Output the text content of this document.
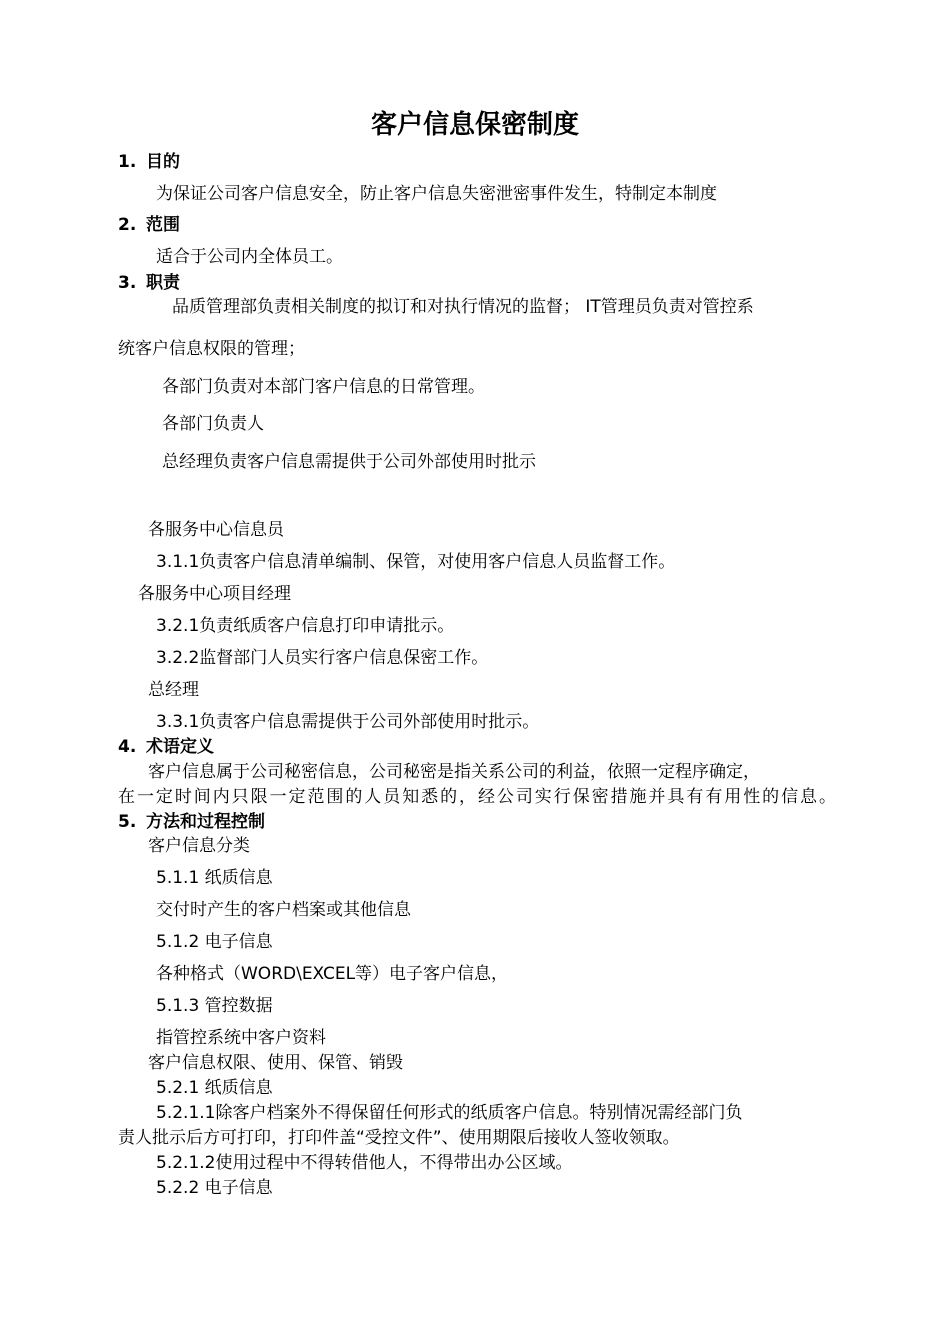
客户信息保密制度
1. 目的
为保证公司客户信息安全，防止客户信息失密泄密事件发生，特制定本制度
2. 范围
适合于公司内全体员工。
3. 职责
品质管理部负责相关制度的拟订和对执行情况的监督； IT管理员负责对管控系
统客户信息权限的管理；
各部门负责对本部门客户信息的日常管理。
各部门负责人
总经理负责客户信息需提供于公司外部使用时批示
各服务中心信息员
3.1.1负责客户信息清单编制、保管，对使用客户信息人员监督工作。
各服务中心项目经理
3.2.1负责纸质客户信息打印申请批示。
3.2.2监督部门人员实行客户信息保密工作。
总经理
3.3.1负责客户信息需提供于公司外部使用时批示。
4. 术语定义
客户信息属于公司秘密信息，公司秘密是指关系公司的利益，依照一定程序确定，
在一定时间内只限一定范围的人员知悉的，经公司实行保密措施并具有有用性的信息。
5. 方法和过程控制
客户信息分类
5.1.1 纸质信息
交付时产生的客户档案或其他信息
5.1.2 电子信息
各种格式（WORD\EXCEL等）电子客户信息，
5.1.3 管控数据
指管控系统中客户资料
客户信息权限、使用、保管、销毁
5.2.1 纸质信息
5.2.1.1除客户档案外不得保留任何形式的纸质客户信息。特别情况需经部门负
责人批示后方可打印，打印件盖“受控文件”、使用期限后接收人签收领取。
5.2.1.2使用过程中不得转借他人，不得带出办公区域。
5.2.2 电子信息
